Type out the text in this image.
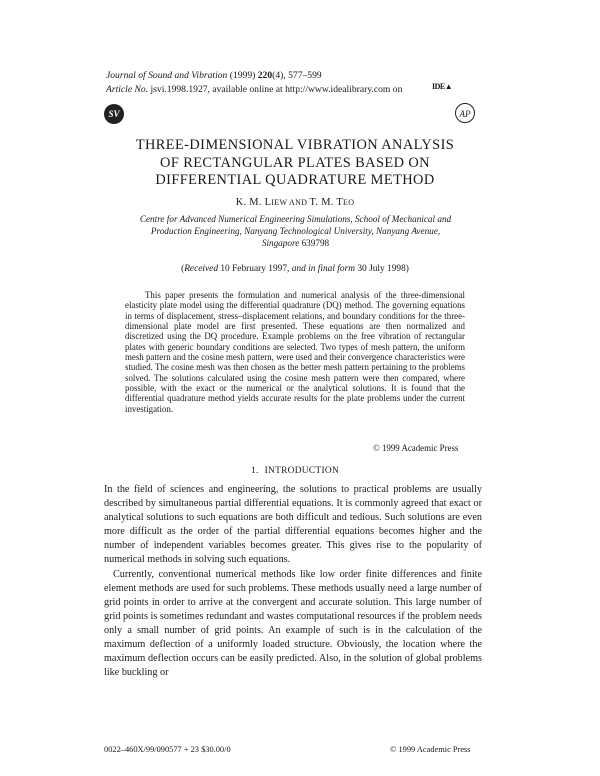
Journal of Sound and Vibration (1999) 220(4), 577–599
Article No. jsvi.1998.1927, available online at http://www.idealibrary.com on	IDE▲
SV	AP
THREE-DIMENSIONAL VIBRATION ANALYSIS
OF RECTANGULAR PLATES BASED ON
DIFFERENTIAL QUADRATURE METHOD
K. M. LIEW AND T. M. TEO
Centre for Advanced Numerical Engineering Simulations, School of Mechanical and
Production Engineering, Nanyang Technological University, Nanyang Avenue,
Singapore 639798
(Received 10 February 1997, and in final form 30 July 1998)

This paper presents the formulation and numerical analysis of the three-dimensional elasticity plate model using the differential quadrature (DQ) method. The governing equations in terms of displacement, stress–displacement relations, and boundary conditions for the three-dimensional plate model are first presented. These equations are then normalized and discretized using the DQ procedure. Example problems on the free vibration of rectangular plates with generic boundary conditions are selected. Two types of mesh pattern, the uniform mesh pattern and the cosine mesh pattern, were used and their convergence characteristics were studied. The cosine mesh was then chosen as the better mesh pattern pertaining to the problems solved. The solutions calculated using the cosine mesh pattern were then compared, where possible, with the exact or the numerical or the analytical solutions. It is found that the differential quadrature method yields accurate results for the plate problems under the current investigation.

© 1999 Academic Press
1. INTRODUCTION

In the field of sciences and engineering, the solutions to practical problems are usually described by simultaneous partial differential equations. It is commonly agreed that exact or analytical solutions to such equations are both difficult and tedious. Such solutions are even more difficult as the order of the partial differential equations becomes higher and the number of independent variables becomes greater. This gives rise to the popularity of numerical methods in solving such equations.

Currently, conventional numerical methods like low order finite differences and finite element methods are used for such problems. These methods usually need a large number of grid points in order to arrive at the convergent and accurate solution. This large number of grid points is sometimes redundant and wastes computational resources if the problem needs only a small number of grid points. An example of such is in the calculation of the maximum deflection of a uniformly loaded structure. Obviously, the location where the maximum deflection occurs can be easily predicted. Also, in the solution of global problems like buckling or

0022–460X/99/090577 + 23 $30.00/0	© 1999 Academic Press
